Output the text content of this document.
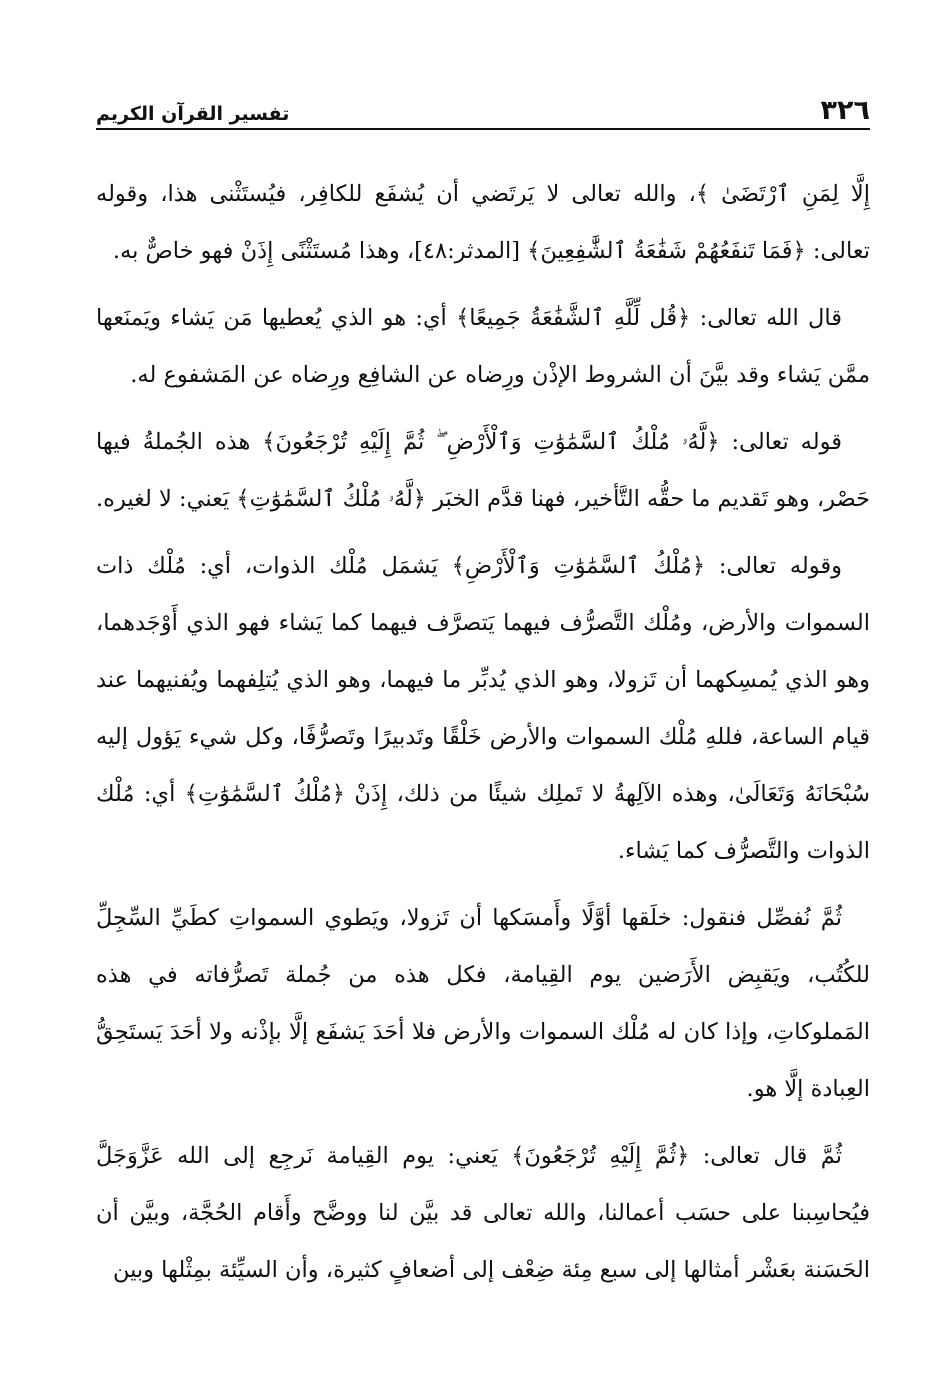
٣٢٦
تفسير القرآن الكريم

إِلَّا لِمَنِ ٱرْتَضَىٰ ﴾، والله تعالى لا يَرتَضي أن يُشفَع للكافِر، فيُستَثْنى هذا، وقوله تعالى: ﴿فَمَا تَنفَعُهُمْ شَفَٰعَةُ ٱلشَّٰفِعِينَ﴾ [المدثر:٤٨]، وهذا مُستَثْنًى إِذَنْ فهو خاصٌّ به.

قال الله تعالى: ﴿قُل لِّلَّهِ ٱلشَّفَٰعَةُ جَمِيعًا﴾ أي: هو الذي يُعطيها مَن يَشاء ويَمنَعها ممَّن يَشاء وقد بيَّنَ أن الشروط الإذْن ورِضاه عن الشافِع ورِضاه عن المَشفوع له.

قوله تعالى: ﴿لَّهُۥ مُلْكُ ٱلسَّمَٰوَٰتِ وَٱلْأَرْضِ ۖ ثُمَّ إِلَيْهِ تُرْجَعُونَ﴾ هذه الجُملةُ فيها حَصْر، وهو تَقديم ما حقُّه التَّأخير، فهنا قدَّم الخبَر ﴿لَّهُۥ مُلْكُ ٱلسَّمَٰوَٰتِ﴾ يَعني: لا لغيره.

وقوله تعالى: ﴿مُلْكُ ٱلسَّمَٰوَٰتِ وَٱلْأَرْضِ﴾ يَشمَل مُلْك الذوات، أي: مُلْك ذات السموات والأرض، ومُلْك التَّصرُّف فيهما يَتصرَّف فيهما كما يَشاء فهو الذي أَوْجَدهما، وهو الذي يُمسِكهما أن تَزولا، وهو الذي يُدبِّر ما فيهما، وهو الذي يُتلِفهما ويُفنيهما عند قيام الساعة، فللهِ مُلْك السموات والأرض خَلْقًا وتَدبيرًا وتَصرُّفًا، وكل شيء يَؤول إليه سُبْحَانَهُ وَتَعَالَىٰ، وهذه الآلِهةُ لا تَملِك شيئًا من ذلك، إِذَنْ ﴿مُلْكُ ٱلسَّمَٰوَٰتِ﴾ أي: مُلْك الذوات والتَّصرُّف كما يَشاء.

ثُمَّ نُفصِّل فنقول: خلَقها أوَّلًا وأَمسَكها أن تَزولا، ويَطوي السمواتِ كطَيِّ السِّجِلِّ للكُتُب، ويَقبِض الأَرَضين يوم القِيامة، فكل هذه من جُملة تَصرُّفاته في هذه المَملوكاتِ، وإذا كان له مُلْك السموات والأرض فلا أحَدَ يَشفَع إلَّا بإذْنه ولا أحَدَ يَستَحِقُّ العِبادة إلَّا هو.

ثُمَّ قال تعالى: ﴿ثُمَّ إِلَيْهِ تُرْجَعُونَ﴾ يَعني: يوم القِيامة نَرجِع إلى الله عَزَّوَجَلَّ فيُحاسِبنا على حسَب أعمالنا، والله تعالى قد بيَّن لنا ووضَّح وأَقام الحُجَّة، وبيَّن أن الحَسَنة بعَشْر أمثالها إلى سبع مِئة ضِعْف إلى أضعافٍ كثيرة، وأن السيِّئة بمِثْلها وبين
